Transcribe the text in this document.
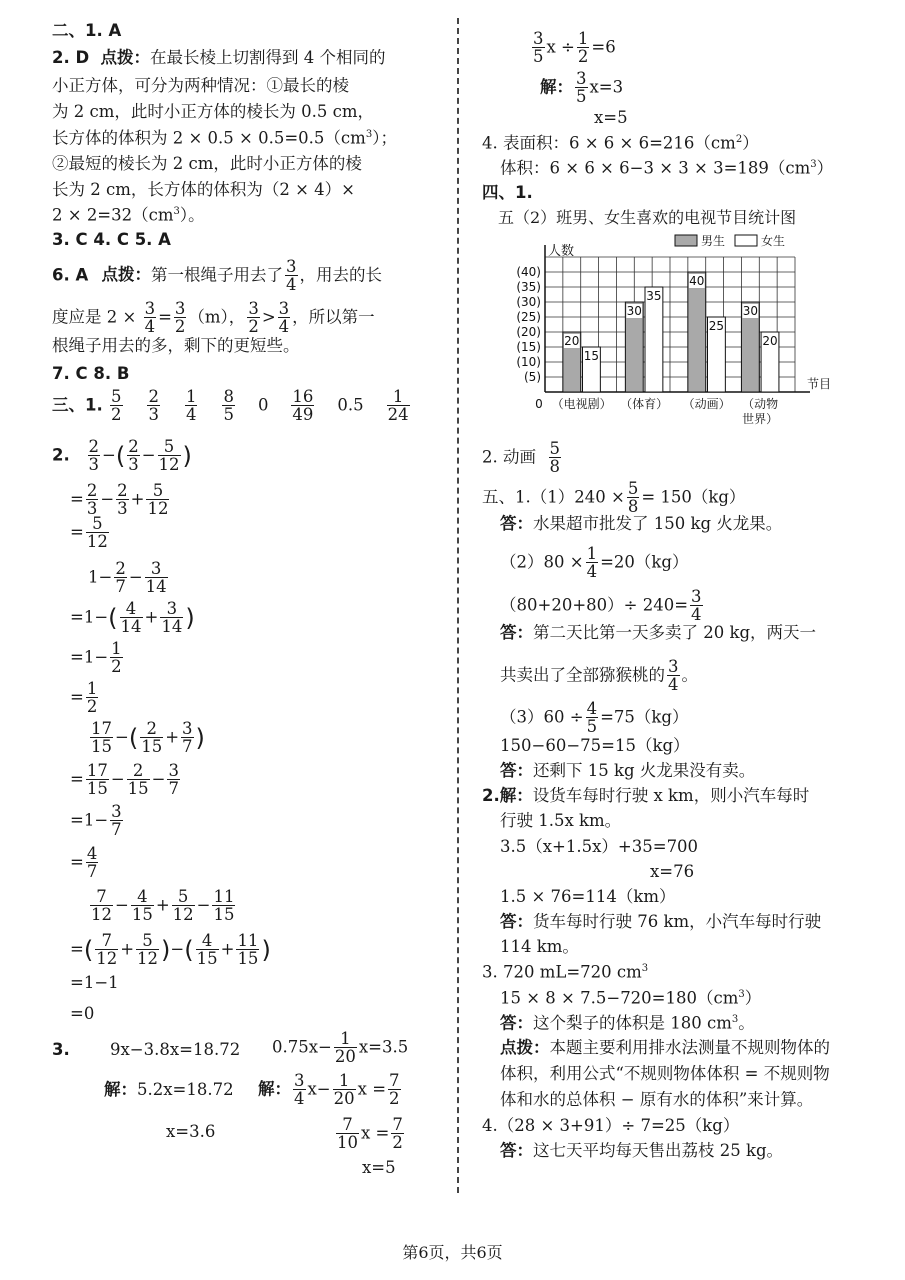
二、1. A
2. D 点拨：在最长棱上切割得到 4 个相同的
小正方体，可分为两种情况：①最长的棱
为 2 cm，此时小正方体的棱长为 0.5 cm，
长方体的体积为 $2 \times 0.5 \times 0.5=0.5(cm^3)$；
②最短的棱长为 2 cm，此时小正方体的棱
长为 2 cm，长方体的体积为（2 × 4）×
$2 \times 2=32(cm^3)$。
3. C 4. C 5. A
6. A 点拨：第一根绳子用去了 $\frac{3}{4}$ ，用去的长
度应是 $2 \times \frac{3}{4} = \frac{3}{2} (m)$， $\frac{3}{2} > \frac{3}{4}$ ，所以第一
根绳子用去的多，剩下的更短些。
7. C 8. B
三、1. $\frac{5}{2}$
$\frac{2}{3}$
$\frac{1}{4}$
$\frac{8}{5} 0 \frac{16}{49} 0.5 \frac{1}{24}$
2. $\frac{2}{3}$ −( $\frac{2}{3} - \frac{5}{12}$ )
= $\frac{2}{3} - \frac{2}{3} + \frac{5}{12}$
= $\frac{5}{12}$
$1- \frac{2}{7} - \frac{3}{14}$
$=1-( \frac{4}{14} + \frac{3}{14}$ )
$=1- \frac{1}{2}$
= $\frac{1}{2}$
$\frac{17}{15}$ −( $\frac{2}{15} + \frac{3}{7}$ )
= $\frac{17}{15} - \frac{2}{15} - \frac{3}{7}$
$=1- \frac{3}{7}$
= $\frac{4}{7}$
$\frac{7}{12} - \frac{4}{15} + \frac{5}{12} - \frac{11}{15}$
=( $\frac{7}{12} + \frac{5}{12}$ )−( $\frac{4}{15} + \frac{11}{15}$ )
=1−1
=0
3. 9x−3.8x=18.72 $0.75x- \frac{1}{20} x=3.5$
解：5.2x=18.72 解： $\frac{3}{4} x- \frac{1}{20}$ $x = \frac{7}{2}$
x=3.6	$\frac{7}{10}$ $x = \frac{7}{2}$
x=5
$\frac{3}{5}$ $x \div \frac{1}{2} =6$
解： $\frac{3}{5} x=3$
x=5
4. 表面积：$6 \times 6 \times 6=216(cm^2)$
体积：$6 \times 6 \times 6-3 \times 3 \times 3=189(cm^3)$
四、1.
五（2）班男、女生喜欢的电视节目统计图
(5)
(10)
(15)
(20)
(25)
(30)
(35)
(40)
人数
节目
0
20
15
（电视剧）
30
35
（体育）
40
25
（动画）
30
20
（动物
世界）
男生	女生
2. 动画 $\frac{5}{8}$
五、$1.(1)240 \times \frac{5}{8} = 150(kg)$
答：水果超市批发了 150 kg 火龙果。
$(2)80 \times \frac{1}{4} =20(kg)$
$(80+20+80)\div 240= \frac{3}{4}$
答：第二天比第一天多卖了 20 kg，两天一
共卖出了全部猕猴桃的 $\frac{3}{4}$ 。
$(3)60 \div \frac{4}{5} =75(kg)$
150−60−75=15（kg）
答：还剩下 15 kg 火龙果没有卖。
2.解：设货车每时行驶 x km，则小汽车每时
行驶 1.5x km。
3.5（x+1.5x）+35=700
x=76
1.5 × 76=114（km）
答：货车每时行驶 76 km，小汽车每时行驶
114 km。
3. 720 mL=720 $cm^3$
$15 \times 8 \times 7.5-720=180(cm^3)$
答：这个梨子的体积是 180 $cm^3$。
点拨：本题主要利用排水法测量不规则物体的
体积，利用公式“不规则物体体积 = 不规则物
体和水的总体积 − 原有水的体积”来计算。
4.（28 × 3+91）÷ 7=25（kg）
答：这七天平均每天售出荔枝 25 kg。
第6页，共6页
